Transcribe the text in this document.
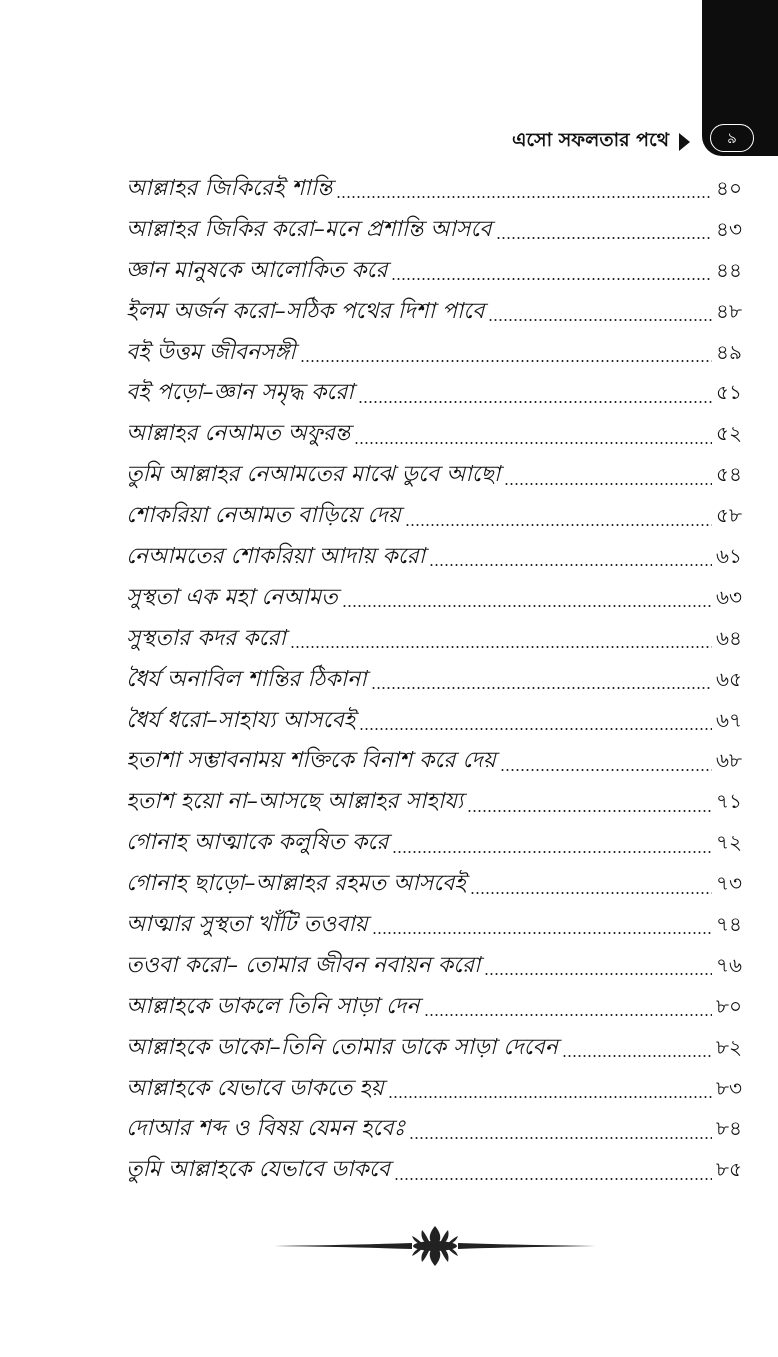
৯
এসো সফলতার পথে
আল্লাহর জিকিরেই শান্তি	৪০
আল্লাহর জিকির করো–মনে প্রশান্তি আসবে	৪৩
জ্ঞান মানুষকে আলোকিত করে	৪৪
ইলম অর্জন করো–সঠিক পথের দিশা পাবে	৪৮
বই উত্তম জীবনসঙ্গী	৪৯
বই পড়ো–জ্ঞান সমৃদ্ধ করো	৫১
আল্লাহর নেআমত অফুরন্ত	৫২
তুমি আল্লাহর নেআমতের মাঝে ডুবে আছো	৫৪
শোকরিয়া নেআমত বাড়িয়ে দেয়	৫৮
নেআমতের শোকরিয়া আদায় করো	৬১
সুস্থতা এক মহা নেআমত	৬৩
সুস্থতার কদর করো	৬৪
ধৈর্য অনাবিল শান্তির ঠিকানা	৬৫
ধৈর্য ধরো–সাহায্য আসবেই	৬৭
হতাশা সম্ভাবনাময় শক্তিকে বিনাশ করে দেয়	৬৮
হতাশ হয়ো না–আসছে আল্লাহর সাহায্য	৭১
গোনাহ আত্মাকে কলুষিত করে	৭২
গোনাহ ছাড়ো–আল্লাহর রহমত আসবেই	৭৩
আত্মার সুস্থতা খাঁটি তওবায়	৭৪
তওবা করো– তোমার জীবন নবায়ন করো	৭৬
আল্লাহকে ডাকলে তিনি সাড়া দেন	৮০
আল্লাহকে ডাকো–তিনি তোমার ডাকে সাড়া দেবেন	৮২
আল্লাহকে যেভাবে ডাকতে হয়	৮৩
দোআর শব্দ ও বিষয় যেমন হবেঃ	৮৪
তুমি আল্লাহকে যেভাবে ডাকবে	৮৫
